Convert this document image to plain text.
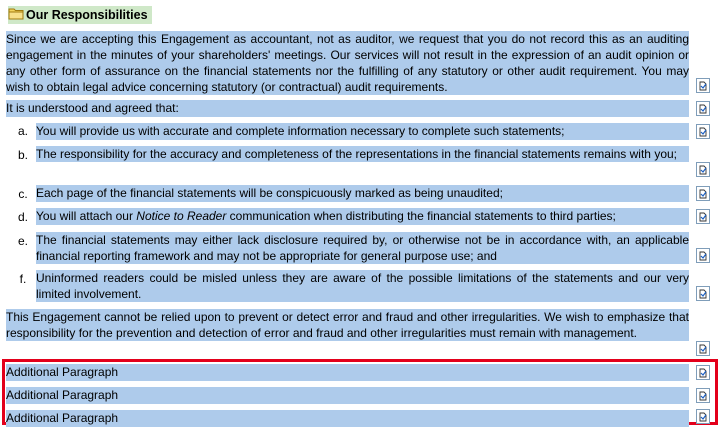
Our Responsibilities
Since we are accepting this Engagement as accountant, not as auditor, we request that you do not record this as an auditing engagement in the minutes of your shareholders' meetings. Our services will not result in the expression of an audit opinion or any other form of assurance on the financial statements nor the fulfilling of any statutory or other audit requirement. You may wish to obtain legal advice concerning statutory (or contractual) audit requirements.
It is understood and agreed that:
a. You will provide us with accurate and complete information necessary to complete such statements;
b. The responsibility for the accuracy and completeness of the representations in the financial statements remains with you;
c. Each page of the financial statements will be conspicuously marked as being unaudited;
d. You will attach our Notice to Reader communication when distributing the financial statements to third parties;
e. The financial statements may either lack disclosure required by, or otherwise not be in accordance with, an applicable financial reporting framework and may not be appropriate for general purpose use; and
f. Uninformed readers could be misled unless they are aware of the possible limitations of the statements and our very limited involvement.
This Engagement cannot be relied upon to prevent or detect error and fraud and other irregularities. We wish to emphasize that responsibility for the prevention and detection of error and fraud and other irregularities must remain with management.
Additional Paragraph
Additional Paragraph
Additional Paragraph
